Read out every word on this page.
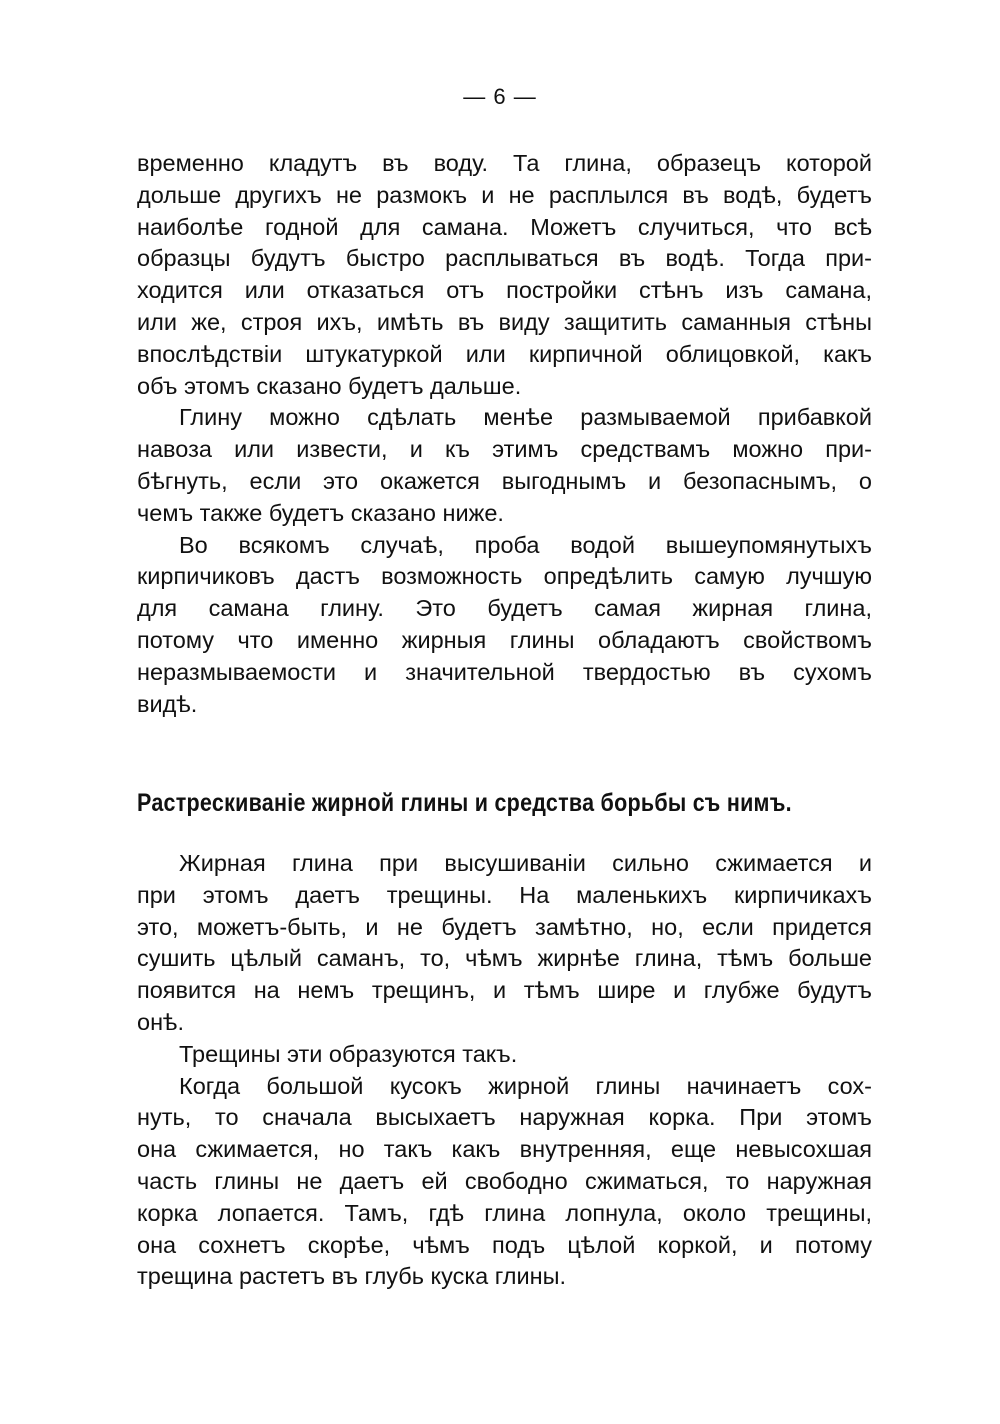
— 6 —
временно кладутъ въ воду. Та глина, образецъ которой
дольше другихъ не размокъ и не расплылся въ водѣ, будетъ
наиболѣе годной для самана. Можетъ случиться, что всѣ
образцы будутъ быстро расплываться въ водѣ. Тогда при-
ходится или отказаться отъ постройки стѣнъ изъ самана,
или же, строя ихъ, имѣть въ виду защитить саманныя стѣны
впослѣдствіи штукатуркой или кирпичной облицовкой, какъ
объ этомъ сказано будетъ дальше.
Глину можно сдѣлать менѣе размываемой прибавкой
навоза или извести, и къ этимъ средствамъ можно при-
бѣгнуть, если это окажется выгоднымъ и безопаснымъ, о
чемъ также будетъ сказано ниже.
Во всякомъ случаѣ, проба водой вышеупомянутыхъ
кирпичиковъ дастъ возможность опредѣлить самую лучшую
для самана глину. Это будетъ самая жирная глина,
потому что именно жирныя глины обладаютъ свойствомъ
неразмываемости и значительной твердостью въ сухомъ
видѣ.
Растрескиванiе жирной глины и средства борьбы съ нимъ.
Жирная глина при высушиваніи сильно сжимается и
при этомъ даетъ трещины. На маленькихъ кирпичикахъ
это, можетъ-быть, и не будетъ замѣтно, но, если придется
сушить цѣлый саманъ, то, чѣмъ жирнѣе глина, тѣмъ больше
появится на немъ трещинъ, и тѣмъ шире и глубже будутъ
онѣ.
Трещины эти образуются такъ.
Когда большой кусокъ жирной глины начинаетъ сох-
нуть, то сначала высыхаетъ наружная корка. При этомъ
она сжимается, но такъ какъ внутренняя, еще невысохшая
часть глины не даетъ ей свободно сжиматься, то наружная
корка лопается. Тамъ, гдѣ глина лопнула, около трещины,
она сохнетъ скорѣе, чѣмъ подъ цѣлой коркой, и потому
трещина растетъ въ глубь куска глины.
